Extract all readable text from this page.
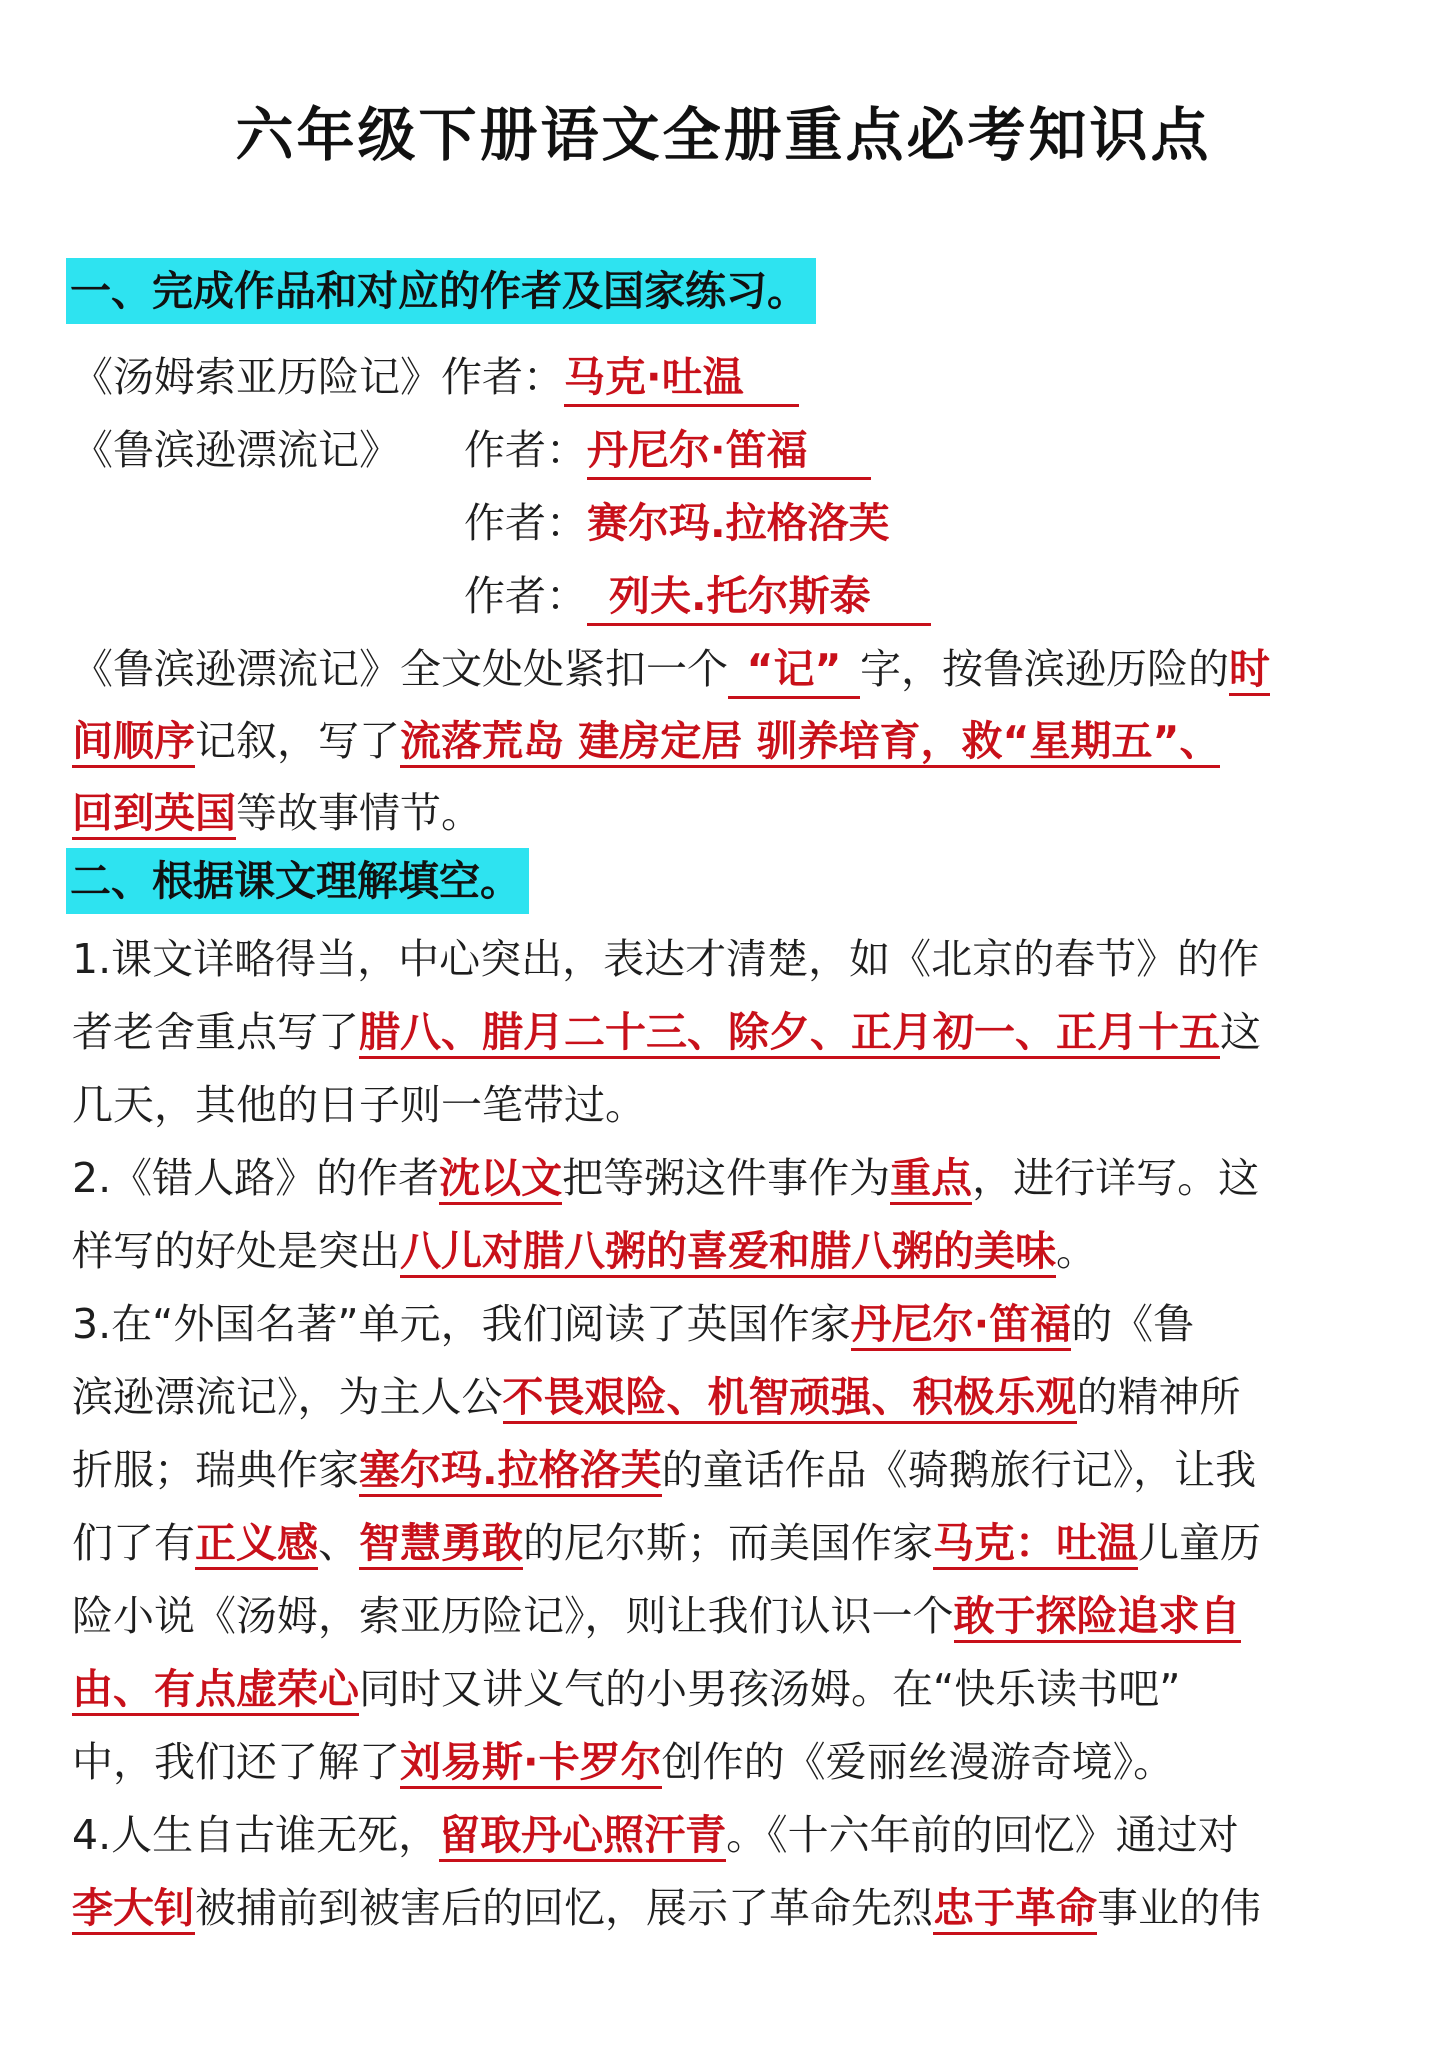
六年级下册语文全册重点必考知识点
一、完成作品和对应的作者及国家练习。
《汤姆索亚历险记》作者：马克·吐温
《鲁滨逊漂流记》 作者：丹尼尔·笛福
作者：赛尔玛.拉格洛芙
作者： 列夫.托尔斯泰
《鲁滨逊漂流记》全文处处紧扣一个 “记” 字，按鲁滨逊历险的时
间顺序记叙，写了流落荒岛 建房定居 驯养培育，救“星期五”、
回到英国等故事情节。
二、根据课文理解填空。
1.课文详略得当，中心突出，表达才清楚，如《北京的春节》的作
者老舍重点写了腊八、腊月二十三、除夕、正月初一、正月十五这
几天，其他的日子则一笔带过。
2.《错人路》的作者沈以文把等粥这件事作为重点，进行详写。这
样写的好处是突出八儿对腊八粥的喜爱和腊八粥的美味。
3.在“外国名著”单元，我们阅读了英国作家丹尼尔·笛福的《鲁
滨逊漂流记》，为主人公不畏艰险、机智顽强、积极乐观的精神所
折服；瑞典作家塞尔玛.拉格洛芙的童话作品《骑鹅旅行记》，让我
们了有正义感、智慧勇敢的尼尔斯；而美国作家马克：吐温儿童历
险小说《汤姆，索亚历险记》，则让我们认识一个敢于探险追求自
由、有点虚荣心同时又讲义气的小男孩汤姆。在“快乐读书吧”
中，我们还了解了刘易斯·卡罗尔创作的《爱丽丝漫游奇境》。
4.人生自古谁无死，留取丹心照汗青。《十六年前的回忆》通过对
李大钊被捕前到被害后的回忆，展示了革命先烈忠于革命事业的伟
